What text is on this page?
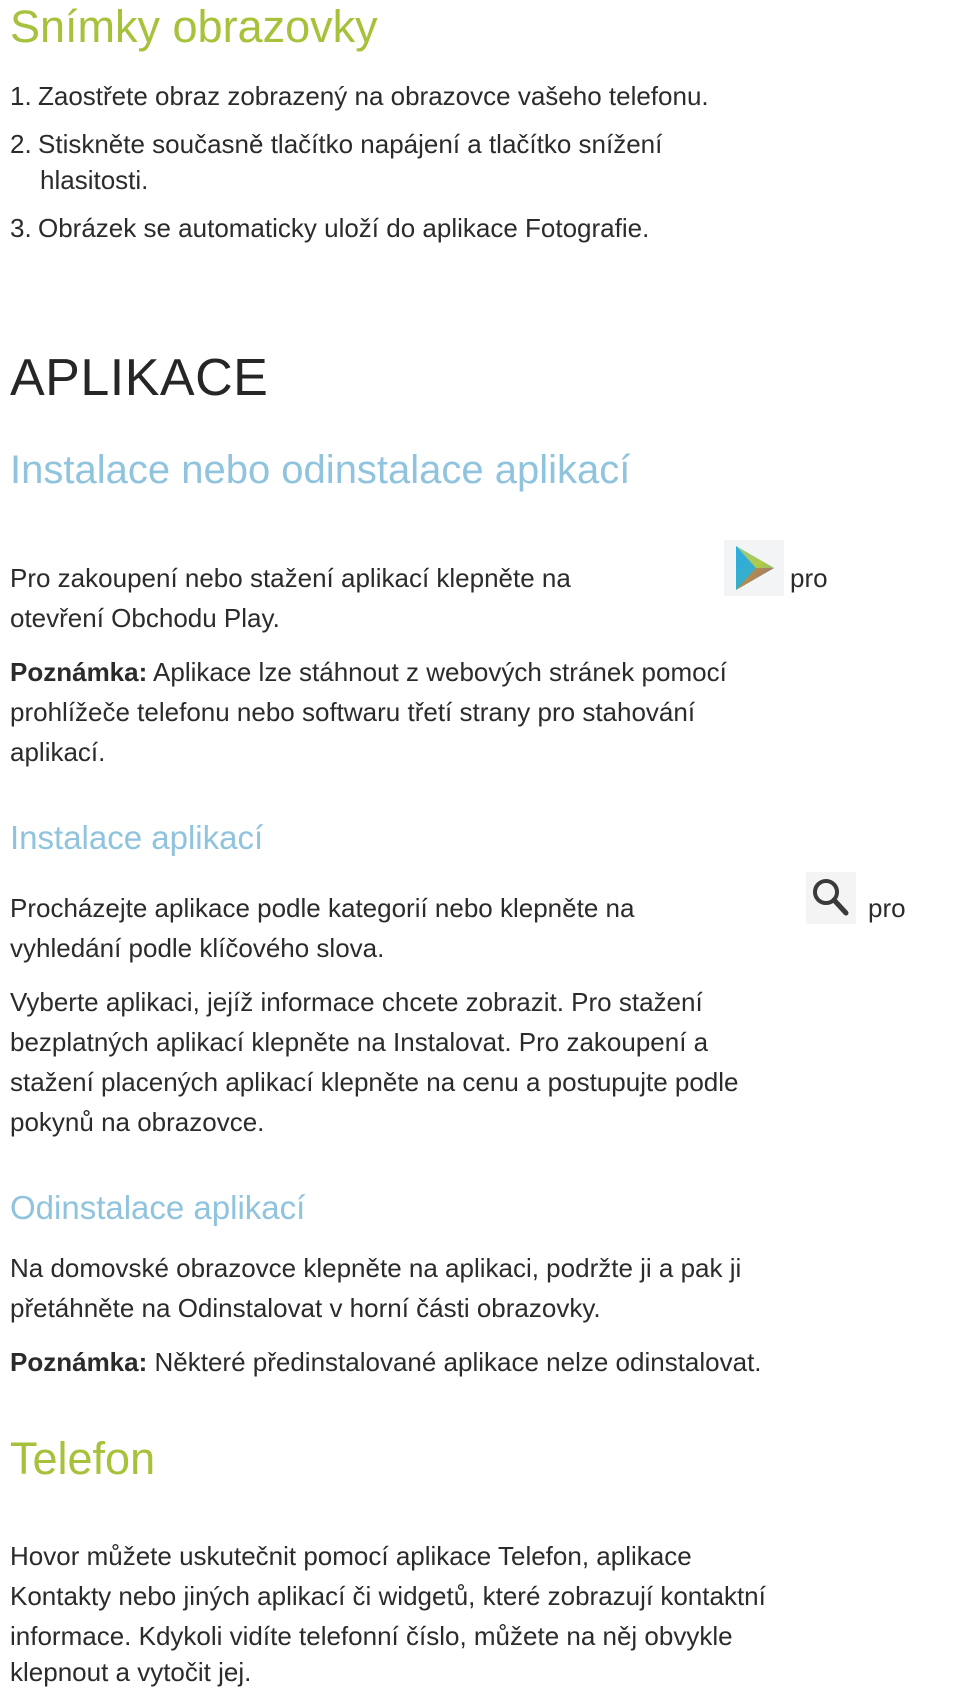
Snímky obrazovky
1. Zaostřete obraz zobrazený na obrazovce vašeho telefonu.
2. Stiskněte současně tlačítko napájení a tlačítko snížení
hlasitosti.
3. Obrázek se automaticky uloží do aplikace Fotografie.
APLIKACE
Instalace nebo odinstalace aplikací
Pro zakoupení nebo stažení aplikací klepněte na	pro
otevření Obchodu Play.
Poznámka: Aplikace lze stáhnout z webových stránek pomocí
prohlížeče telefonu nebo softwaru třetí strany pro stahování
aplikací.
Instalace aplikací
Procházejte aplikace podle kategorií nebo klepněte na	pro
vyhledání podle klíčového slova.
Vyberte aplikaci, jejíž informace chcete zobrazit. Pro stažení
bezplatných aplikací klepněte na Instalovat. Pro zakoupení a
stažení placených aplikací klepněte na cenu a postupujte podle
pokynů na obrazovce.
Odinstalace aplikací
Na domovské obrazovce klepněte na aplikaci, podržte ji a pak ji
přetáhněte na Odinstalovat v horní části obrazovky.
Poznámka: Některé předinstalované aplikace nelze odinstalovat.
Telefon
Hovor můžete uskutečnit pomocí aplikace Telefon, aplikace
Kontakty nebo jiných aplikací či widgetů, které zobrazují kontaktní
informace. Kdykoli vidíte telefonní číslo, můžete na něj obvykle
klepnout a vytočit jej.
